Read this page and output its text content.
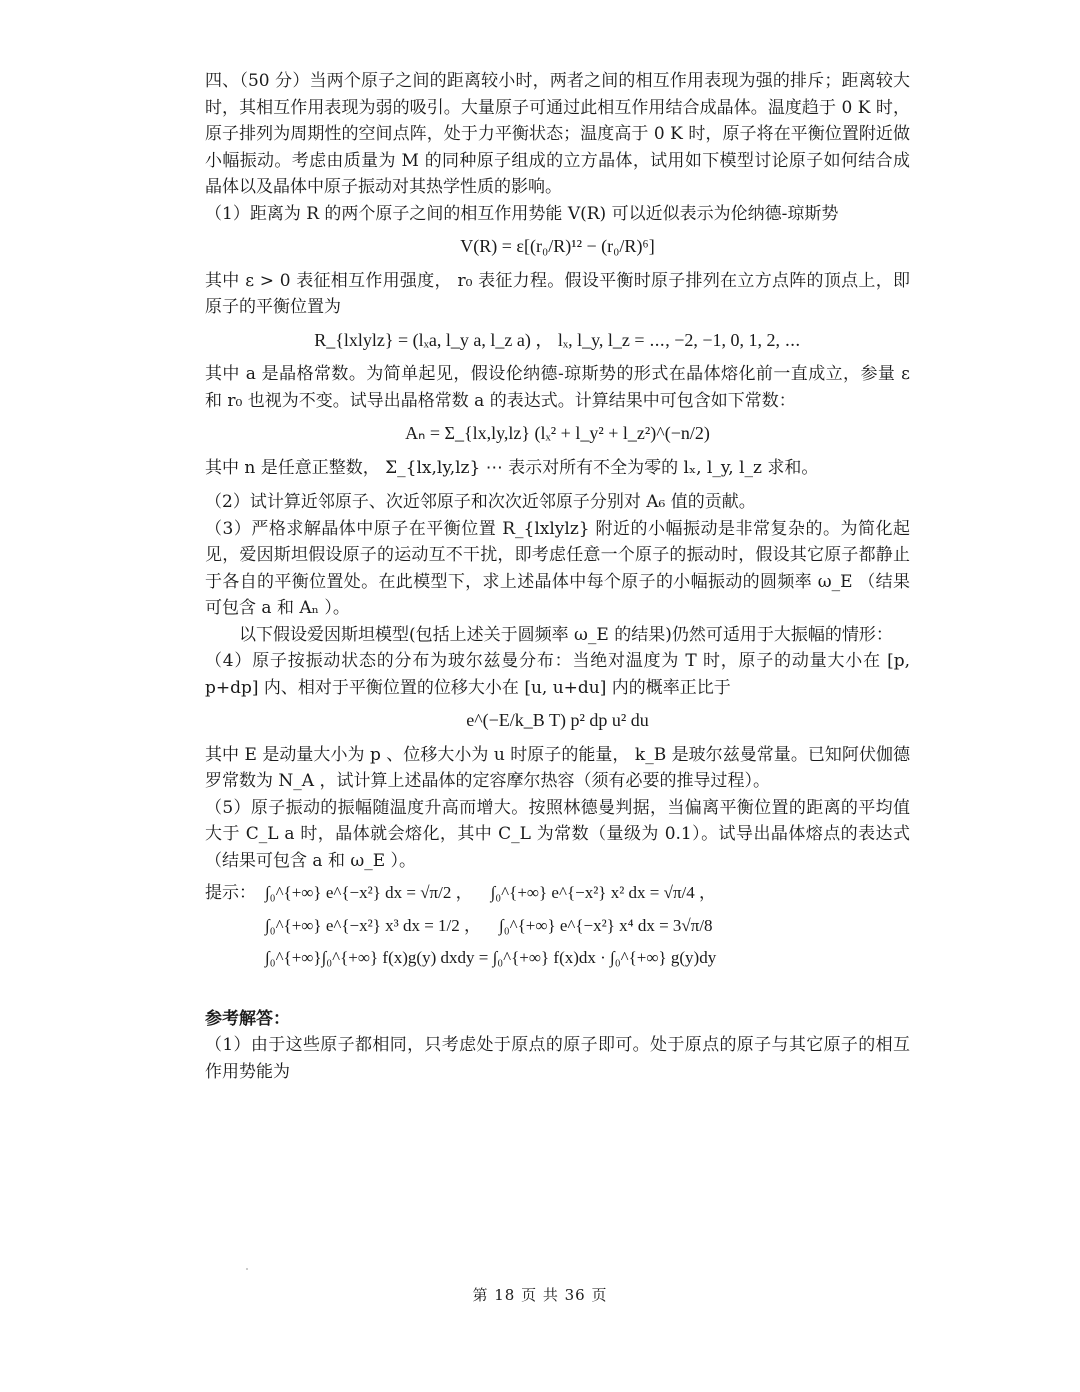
四、（50 分）当两个原子之间的距离较小时，两者之间的相互作用表现为强的排斥；距离较大时，其相互作用表现为弱的吸引。大量原子可通过此相互作用结合成晶体。温度趋于 0 K 时，原子排列为周期性的空间点阵，处于力平衡状态；温度高于 0 K 时，原子将在平衡位置附近做小幅振动。考虑由质量为 M 的同种原子组成的立方晶体，试用如下模型讨论原子如何结合成晶体以及晶体中原子振动对其热学性质的影响。

（1）距离为 R 的两个原子之间的相互作用势能 V(R) 可以近似表示为伦纳德-琼斯势

V(R) = ε[(r₀/R)¹² − (r₀/R)⁶]

其中 ε > 0 表征相互作用强度， r₀ 表征力程。假设平衡时原子排列在立方点阵的顶点上，即原子的平衡位置为

R_{lxlylz} = (lₓa, l_y a, l_z a) ， lₓ, l_y, l_z = ⋯, −2, −1, 0, 1, 2, ⋯

其中 a 是晶格常数。为简单起见，假设伦纳德-琼斯势的形式在晶体熔化前一直成立，参量 ε 和 r₀ 也视为不变。试导出晶格常数 a 的表达式。计算结果中可包含如下常数：

Aₙ = Σ_{lx,ly,lz} (lₓ² + l_y² + l_z²)^(−n/2)

其中 n 是任意正整数， Σ_{lx,ly,lz} ⋯ 表示对所有不全为零的 lₓ, l_y, l_z 求和。

（2）试计算近邻原子、次近邻原子和次次近邻原子分别对 A₆ 值的贡献。

（3）严格求解晶体中原子在平衡位置 R_{lxlylz} 附近的小幅振动是非常复杂的。为简化起见，爱因斯坦假设原子的运动互不干扰，即考虑任意一个原子的振动时，假设其它原子都静止于各自的平衡位置处。在此模型下，求上述晶体中每个原子的小幅振动的圆频率 ω_E （结果可包含 a 和 Aₙ ）。

以下假设爱因斯坦模型(包括上述关于圆频率 ω_E 的结果)仍然可适用于大振幅的情形：

（4）原子按振动状态的分布为玻尔兹曼分布：当绝对温度为 T 时，原子的动量大小在 [p, p+dp] 内、相对于平衡位置的位移大小在 [u, u+du] 内的概率正比于

e^(−E/k_B T) p² dp u² du

其中 E 是动量大小为 p 、位移大小为 u 时原子的能量， k_B 是玻尔兹曼常量。已知阿伏伽德罗常数为 N_A ，试计算上述晶体的定容摩尔热容（须有必要的推导过程）。

（5）原子振动的振幅随温度升高而增大。按照林德曼判据，当偏离平衡位置的距离的平均值大于 C_L a 时，晶体就会熔化，其中 C_L 为常数（量级为 0.1）。试导出晶体熔点的表达式（结果可包含 a 和 ω_E ）。

提示： ∫₀^{+∞} e^{−x²} dx = √π/2 ， ∫₀^{+∞} e^{−x²} x² dx = √π/4 ，
∫₀^{+∞} e^{−x²} x³ dx = 1/2 ， ∫₀^{+∞} e^{−x²} x⁴ dx = 3√π/8
∫₀^{+∞}∫₀^{+∞} f(x)g(y) dxdy = ∫₀^{+∞} f(x)dx · ∫₀^{+∞} g(y)dy

参考解答：

（1）由于这些原子都相同，只考虑处于原点的原子即可。处于原点的原子与其它原子的相互作用势能为

第 18 页 共 36 页
